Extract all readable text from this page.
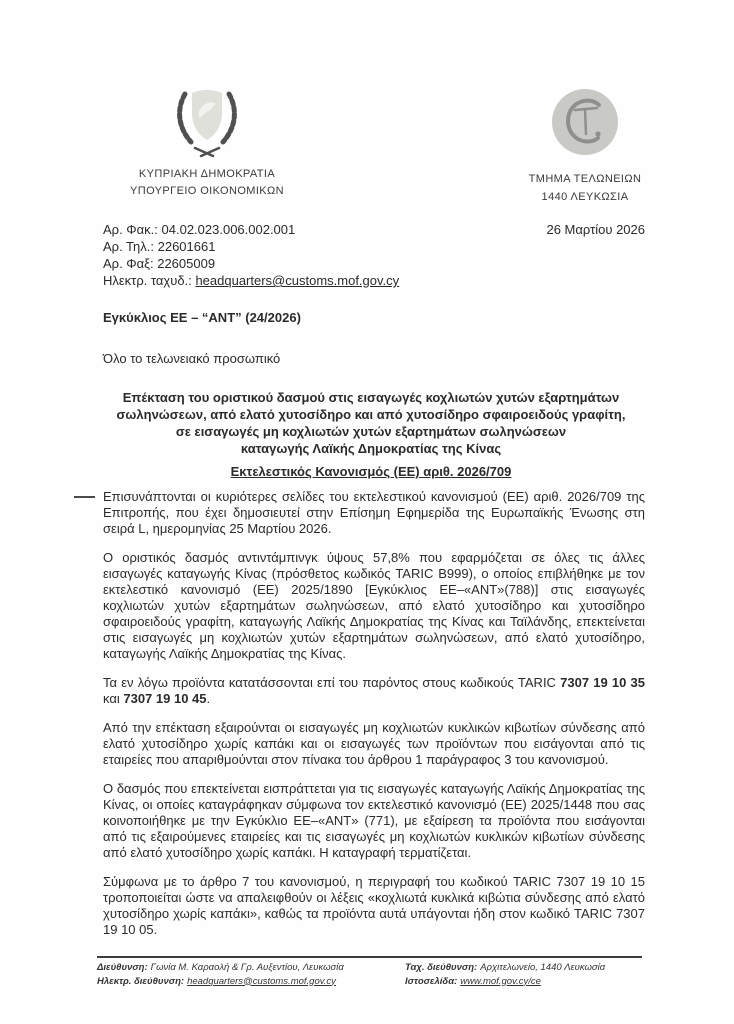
ΚΥΠΡΙΑΚΗ ΔΗΜΟΚΡΑΤΙΑ
ΥΠΟΥΡΓΕΙΟ ΟΙΚΟΝΟΜΙΚΩΝ
ΤΜΗΜΑ ΤΕΛΩΝΕΙΩΝ
1440 ΛΕΥΚΩΣΙΑ
Αρ. Φακ.: 04.02.023.006.002.001	26 Μαρτίου 2026
Αρ. Τηλ.: 22601661
Αρ. Φαξ: 22605009
Ηλεκτρ. ταχυδ.: headquarters@customs.mof.gov.cy
Εγκύκλιος ΕΕ – “ΑΝΤ” (24/2026)
Όλο το τελωνειακό προσωπικό
Επέκταση του οριστικού δασμού στις εισαγωγές κοχλιωτών χυτών εξαρτημάτων
σωληνώσεων, από ελατό χυτοσίδηρο και από χυτοσίδηρο σφαιροειδούς γραφίτη,
σε εισαγωγές μη κοχλιωτών χυτών εξαρτημάτων σωληνώσεων
καταγωγής Λαϊκής Δημοκρατίας της Κίνας
Εκτελεστικός Κανονισμός (ΕΕ) αριθ. 2026/709
Επισυνάπτονται οι κυριότερες σελίδες του εκτελεστικού κανονισμού (ΕΕ) αριθ. 2026/709 της Επιτροπής, που έχει δημοσιευτεί στην Επίσημη Εφημερίδα της Ευρωπαϊκής Ένωσης στη σειρά L, ημερομηνίας 25 Μαρτίου 2026.
Ο οριστικός δασμός αντιντάμπινγκ ύψους 57,8% που εφαρμόζεται σε όλες τις άλλες εισαγωγές καταγωγής Κίνας (πρόσθετος κωδικός TARIC B999), ο οποίος επιβλήθηκε με τον εκτελεστικό κανονισμό (ΕΕ) 2025/1890 [Εγκύκλιος ΕΕ–«ΑΝΤ»(788)] στις εισαγωγές κοχλιωτών χυτών εξαρτημάτων σωληνώσεων, από ελατό χυτοσίδηρο και χυτοσίδηρο σφαιροειδούς γραφίτη, καταγωγής Λαϊκής Δημοκρατίας της Κίνας και Ταϊλάνδης, επεκτείνεται στις εισαγωγές μη κοχλιωτών χυτών εξαρτημάτων σωληνώσεων, από ελατό χυτοσίδηρο, καταγωγής Λαϊκής Δημοκρατίας της Κίνας.
Τα εν λόγω προϊόντα κατατάσσονται επί του παρόντος στους κωδικούς TARIC 7307 19 10 35 και 7307 19 10 45.
Από την επέκταση εξαιρούνται οι εισαγωγές μη κοχλιωτών κυκλικών κιβωτίων σύνδεσης από ελατό χυτοσίδηρο χωρίς καπάκι και οι εισαγωγές των προϊόντων που εισάγονται από τις εταιρείες που απαριθμούνται στον πίνακα του άρθρου 1 παράγραφος 3 του κανονισμού.
Ο δασμός που επεκτείνεται εισπράττεται για τις εισαγωγές καταγωγής Λαϊκής Δημοκρατίας της Κίνας, οι οποίες καταγράφηκαν σύμφωνα τον εκτελεστικό κανονισμό (ΕΕ) 2025/1448 που σας κοινοποιήθηκε με την Εγκύκλιο ΕΕ–«ΑΝΤ» (771), με εξαίρεση τα προϊόντα που εισάγονται από τις εξαιρούμενες εταιρείες και τις εισαγωγές μη κοχλιωτών κυκλικών κιβωτίων σύνδεσης από ελατό χυτοσίδηρο χωρίς καπάκι. Η καταγραφή τερματίζεται.
Σύμφωνα με το άρθρο 7 του κανονισμού, η περιγραφή του κωδικού TARIC 7307 19 10 15 τροποποιείται ώστε να απαλειφθούν οι λέξεις «κοχλιωτά κυκλικά κιβώτια σύνδεσης από ελατό χυτοσίδηρο χωρίς καπάκι», καθώς τα προϊόντα αυτά υπάγονται ήδη στον κωδικό TARIC 7307 19 10 05.
Διεύθυνση: Γωνία Μ. Καραολή & Γρ. Αυξεντίου, Λευκωσία
Ηλεκτρ. διεύθυνση: headquarters@customs.mof.gov.cy
Ταχ. διεύθυνση: Αρχιτελωνείο, 1440 Λευκωσία
Ιστοσελίδα: www.mof.gov.cy/ce
